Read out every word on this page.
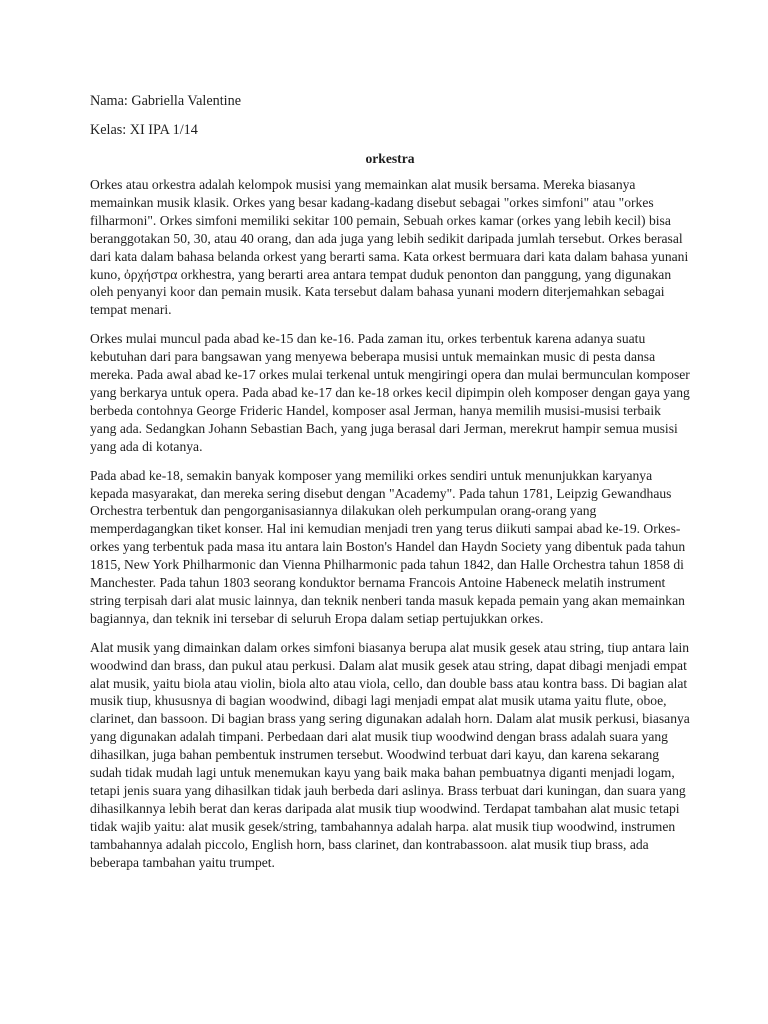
Nama: Gabriella Valentine

Kelas: XI IPA 1/14

orkestra

Orkes atau orkestra adalah kelompok musisi yang memainkan alat musik bersama. Mereka biasanya memainkan musik klasik. Orkes yang besar kadang-kadang disebut sebagai "orkes simfoni" atau "orkes filharmoni". Orkes simfoni memiliki sekitar 100 pemain, Sebuah orkes kamar (orkes yang lebih kecil) bisa beranggotakan 50, 30, atau 40 orang, dan ada juga yang lebih sedikit daripada jumlah tersebut. Orkes berasal dari kata dalam bahasa belanda orkest yang berarti sama. Kata orkest bermuara dari kata dalam bahasa yunani kuno, ὀρχήστρα orkhestra, yang berarti area antara tempat duduk penonton dan panggung, yang digunakan oleh penyanyi koor dan pemain musik. Kata tersebut dalam bahasa yunani modern diterjemahkan sebagai tempat menari.

Orkes mulai muncul pada abad ke-15 dan ke-16. Pada zaman itu, orkes terbentuk karena adanya suatu kebutuhan dari para bangsawan yang menyewa beberapa musisi untuk memainkan music di pesta dansa mereka. Pada awal abad ke-17 orkes mulai terkenal untuk mengiringi opera dan mulai bermunculan komposer yang berkarya untuk opera. Pada abad ke-17 dan ke-18 orkes kecil dipimpin oleh komposer dengan gaya yang berbeda contohnya George Frideric Handel, komposer asal Jerman, hanya memilih musisi-musisi terbaik yang ada. Sedangkan Johann Sebastian Bach, yang juga berasal dari Jerman, merekrut hampir semua musisi yang ada di kotanya.

Pada abad ke-18, semakin banyak komposer yang memiliki orkes sendiri untuk menunjukkan karyanya kepada masyarakat, dan mereka sering disebut dengan "Academy". Pada tahun 1781, Leipzig Gewandhaus Orchestra terbentuk dan pengorganisasiannya dilakukan oleh perkumpulan orang-orang yang memperdagangkan tiket konser. Hal ini kemudian menjadi tren yang terus diikuti sampai abad ke-19. Orkes-orkes yang terbentuk pada masa itu antara lain Boston's Handel dan Haydn Society yang dibentuk pada tahun 1815, New York Philharmonic dan Vienna Philharmonic pada tahun 1842, dan Halle Orchestra tahun 1858 di Manchester. Pada tahun 1803 seorang konduktor bernama Francois Antoine Habeneck melatih instrument string terpisah dari alat music lainnya, dan teknik nenberi tanda masuk kepada pemain yang akan memainkan bagiannya, dan teknik ini tersebar di seluruh Eropa dalam setiap pertujukkan orkes.

Alat musik yang dimainkan dalam orkes simfoni biasanya berupa alat musik gesek atau string, tiup antara lain woodwind dan brass, dan pukul atau perkusi. Dalam alat musik gesek atau string, dapat dibagi menjadi empat alat musik, yaitu biola atau violin, biola alto atau viola, cello, dan double bass atau kontra bass. Di bagian alat musik tiup, khususnya di bagian woodwind, dibagi lagi menjadi empat alat musik utama yaitu flute, oboe, clarinet, dan bassoon. Di bagian brass yang sering digunakan adalah horn. Dalam alat musik perkusi, biasanya yang digunakan adalah timpani. Perbedaan dari alat musik tiup woodwind dengan brass adalah suara yang dihasilkan, juga bahan pembentuk instrumen tersebut. Woodwind terbuat dari kayu, dan karena sekarang sudah tidak mudah lagi untuk menemukan kayu yang baik maka bahan pembuatnya diganti menjadi logam, tetapi jenis suara yang dihasilkan tidak jauh berbeda dari aslinya. Brass terbuat dari kuningan, dan suara yang dihasilkannya lebih berat dan keras daripada alat musik tiup woodwind. Terdapat tambahan alat music tetapi tidak wajib yaitu: alat musik gesek/string, tambahannya adalah harpa. alat musik tiup woodwind, instrumen tambahannya adalah piccolo, English horn, bass clarinet, dan kontrabassoon. alat musik tiup brass, ada beberapa tambahan yaitu trumpet.
